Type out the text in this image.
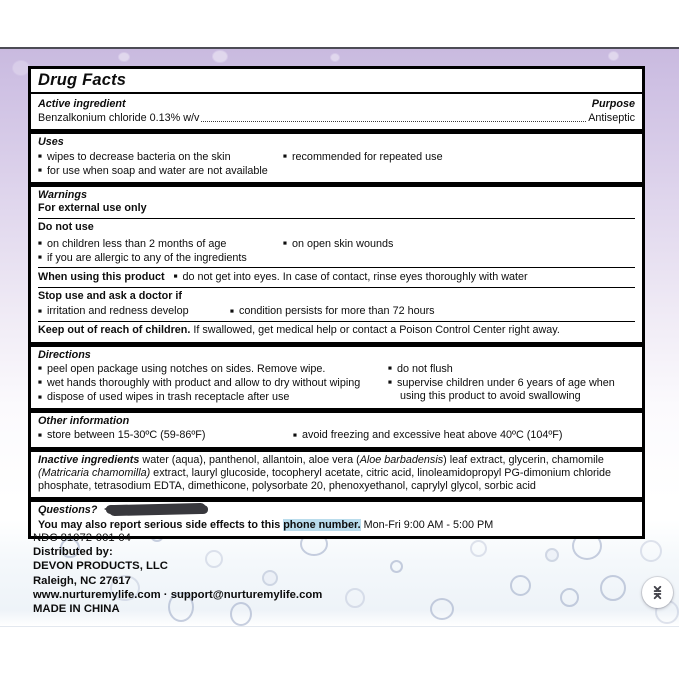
Drug Facts
Active ingredient	Purpose
Benzalkonium chloride 0.13% w/v	Antiseptic
Uses
■ wipes to decrease bacteria on the skin
■ for use when soap and water are not available
■ recommended for repeated use
Warnings
For external use only
Do not use
■ on children less than 2 months of age
■ if you are allergic to any of the ingredients
■ on open skin wounds
When using this product ■ do not get into eyes. In case of contact, rinse eyes thoroughly with water
Stop use and ask a doctor if
■ irritation and redness develop	■ condition persists for more than 72 hours
Keep out of reach of children. If swallowed, get medical help or contact a Poison Control Center right away.
Directions
■ peel open package using notches on sides. Remove wipe.
■ wet hands thoroughly with product and allow to dry without wiping
■ dispose of used wipes in trash receptacle after use
■ do not flush
■ supervise children under 6 years of age when using this product to avoid swallowing
Other information
■ store between 15-30ºC (59-86ºF)	■ avoid freezing and excessive heat above 40ºC (104ºF)
Inactive ingredients water (aqua), panthenol, allantoin, aloe vera (Aloe barbadensis) leaf extract, glycerin, chamomile (Matricaria chamomilla) extract, lauryl glucoside, tocopheryl acetate, citric acid, linoleamidopropyl PG-dimonium chloride phosphate, tetrasodium EDTA, dimethicone, polysorbate 20, phenoxyethanol, caprylyl glycol, sorbic acid
Questions?
You may also report serious side effects to this phone number. Mon-Fri 9:00 AM - 5:00 PM
NDC 81072-001-04
Distributed by:
DEVON PRODUCTS, LLC
Raleigh, NC 27617
www.nurturemylife.com · support@nurturemylife.com
MADE IN CHINA
